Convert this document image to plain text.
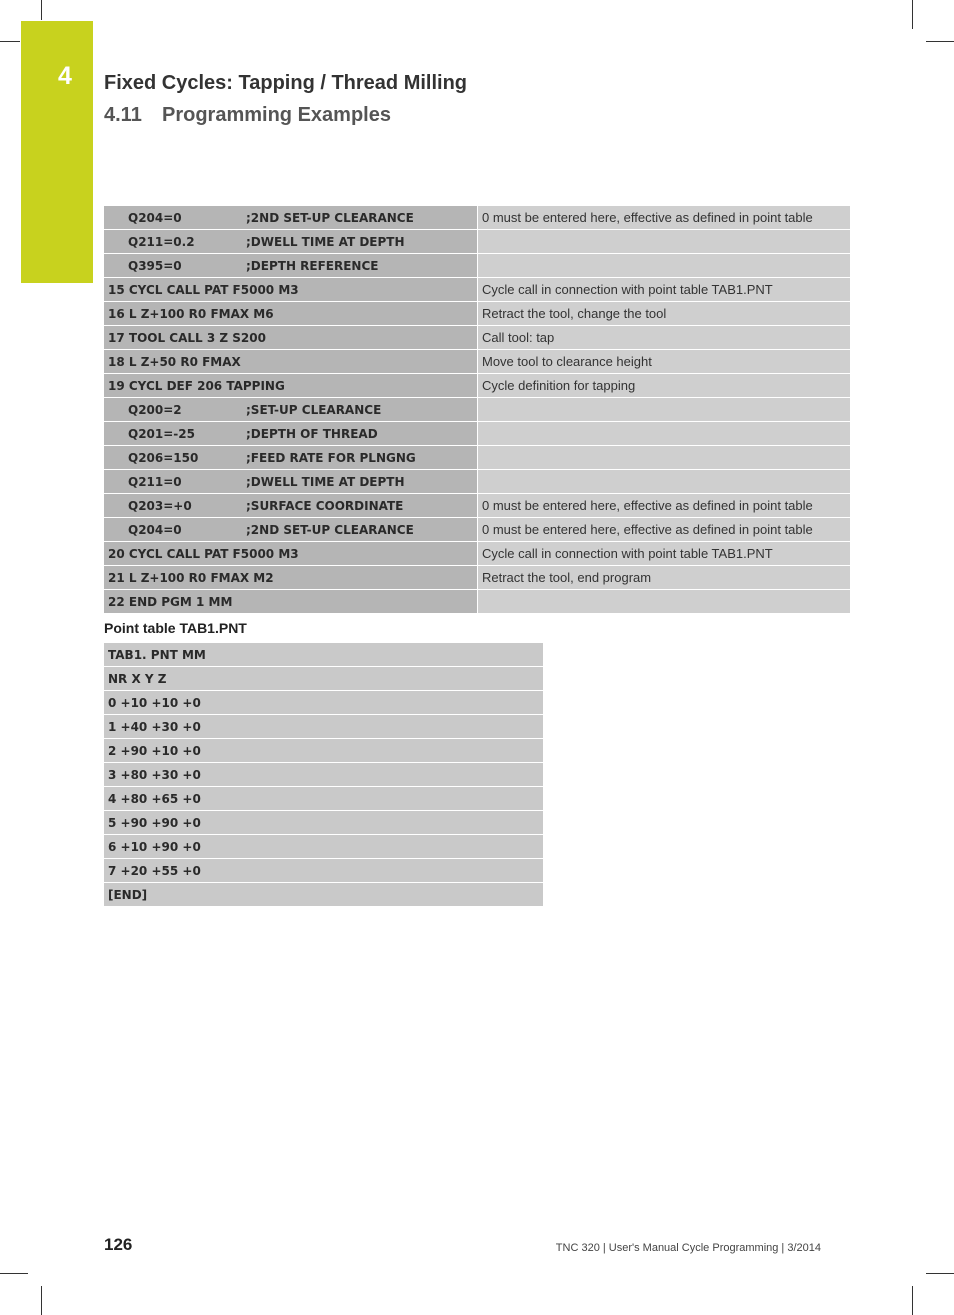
4 Fixed Cycles: Tapping / Thread Milling
4.11 Programming Examples
Q204=0	;2ND SET-UP CLEARANCE	0 must be entered here, effective as defined in point table
Q211=0.2	;DWELL TIME AT DEPTH
Q395=0	;DEPTH REFERENCE
15 CYCL CALL PAT F5000 M3	Cycle call in connection with point table TAB1.PNT
16 L Z+100 R0 FMAX M6	Retract the tool, change the tool
17 TOOL CALL 3 Z S200	Call tool: tap
18 L Z+50 R0 FMAX	Move tool to clearance height
19 CYCL DEF 206 TAPPING	Cycle definition for tapping
Q200=2	;SET-UP CLEARANCE
Q201=-25	;DEPTH OF THREAD
Q206=150	;FEED RATE FOR PLNGNG
Q211=0	;DWELL TIME AT DEPTH
Q203=+0	;SURFACE COORDINATE	0 must be entered here, effective as defined in point table
Q204=0	;2ND SET-UP CLEARANCE	0 must be entered here, effective as defined in point table
20 CYCL CALL PAT F5000 M3	Cycle call in connection with point table TAB1.PNT
21 L Z+100 R0 FMAX M2	Retract the tool, end program
22 END PGM 1 MM
Point table TAB1.PNT
TAB1. PNT MM
NR X Y Z
0 +10 +10 +0
1 +40 +30 +0
2 +90 +10 +0
3 +80 +30 +0
4 +80 +65 +0
5 +90 +90 +0
6 +10 +90 +0
7 +20 +55 +0
[END]
126	TNC 320 | User's Manual Cycle Programming | 3/2014
